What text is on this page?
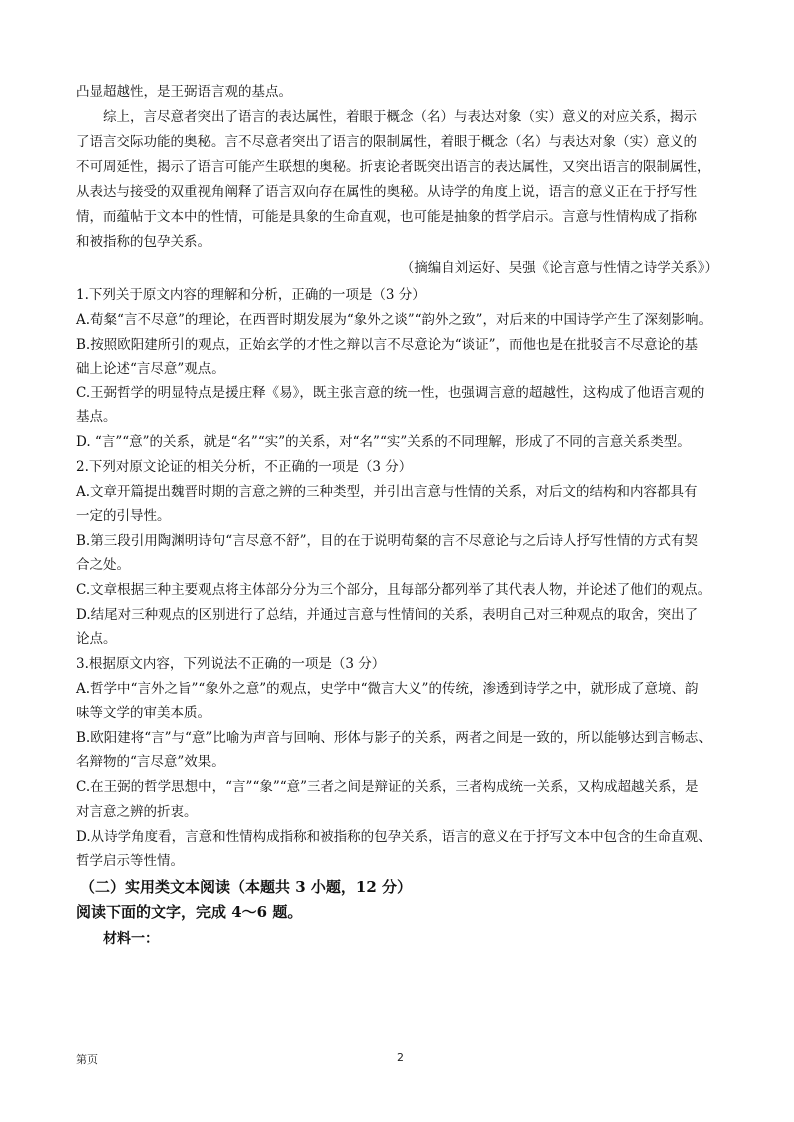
凸显超越性，是王弼语言观的基点。
综上，言尽意者突出了语言的表达属性，着眼于概念（名）与表达对象（实）意义的对应关系，揭示
了语言交际功能的奥秘。言不尽意者突出了语言的限制属性，着眼于概念（名）与表达对象（实）意义的
不可周延性，揭示了语言可能产生联想的奥秘。折衷论者既突出语言的表达属性，又突出语言的限制属性，
从表达与接受的双重视角阐释了语言双向存在属性的奥秘。从诗学的角度上说，语言的意义正在于抒写性
情，而蕴帖于文本中的性情，可能是具象的生命直观，也可能是抽象的哲学启示。言意与性情构成了指称
和被指称的包孕关系。
（摘编自刘运好、吴强《论言意与性情之诗学关系》）
1.下列关于原文内容的理解和分析，正确的一项是（3 分）
A.荀粲“言不尽意”的理论，在西晋时期发展为“象外之谈”“韵外之致”，对后来的中国诗学产生了深刻影响。
B.按照欧阳建所引的观点，正始玄学的才性之辩以言不尽意论为“谈证”，而他也是在批驳言不尽意论的基
础上论述“言尽意”观点。
C.王弼哲学的明显特点是援庄释《易》，既主张言意的统一性，也强调言意的超越性，这构成了他语言观的
基点。
D. “言”“意”的关系，就是“名”“实”的关系，对“名”“实”关系的不同理解，形成了不同的言意关系类型。
2.下列对原文论证的相关分析，不正确的一项是（3 分）
A.文章开篇提出魏晋时期的言意之辨的三种类型，并引出言意与性情的关系，对后文的结构和内容都具有
一定的引导性。
B.第三段引用陶渊明诗句“言尽意不舒”，目的在于说明荀粲的言不尽意论与之后诗人抒写性情的方式有契
合之处。
C.文章根据三种主要观点将主体部分分为三个部分，且每部分都列举了其代表人物，并论述了他们的观点。
D.结尾对三种观点的区别进行了总结，并通过言意与性情间的关系，表明自己对三种观点的取舍，突出了
论点。
3.根据原文内容，下列说法不正确的一项是（3 分）
A.哲学中“言外之旨”“象外之意”的观点，史学中“微言大义”的传统，渗透到诗学之中，就形成了意境、韵
味等文学的审美本质。
B.欧阳建将“言”与“意”比喻为声音与回响、形体与影子的关系，两者之间是一致的，所以能够达到言畅志、
名辩物的“言尽意”效果。
C.在王弼的哲学思想中，“言”“象”“意”三者之间是辩证的关系，三者构成统一关系，又构成超越关系，是
对言意之辨的折衷。
D.从诗学角度看，言意和性情构成指称和被指称的包孕关系，语言的意义在于抒写文本中包含的生命直观、
哲学启示等性情。
（二）实用类文本阅读（本题共 3 小题，12 分）
阅读下面的文字，完成 4～6 题。
材料一：
第页	2
